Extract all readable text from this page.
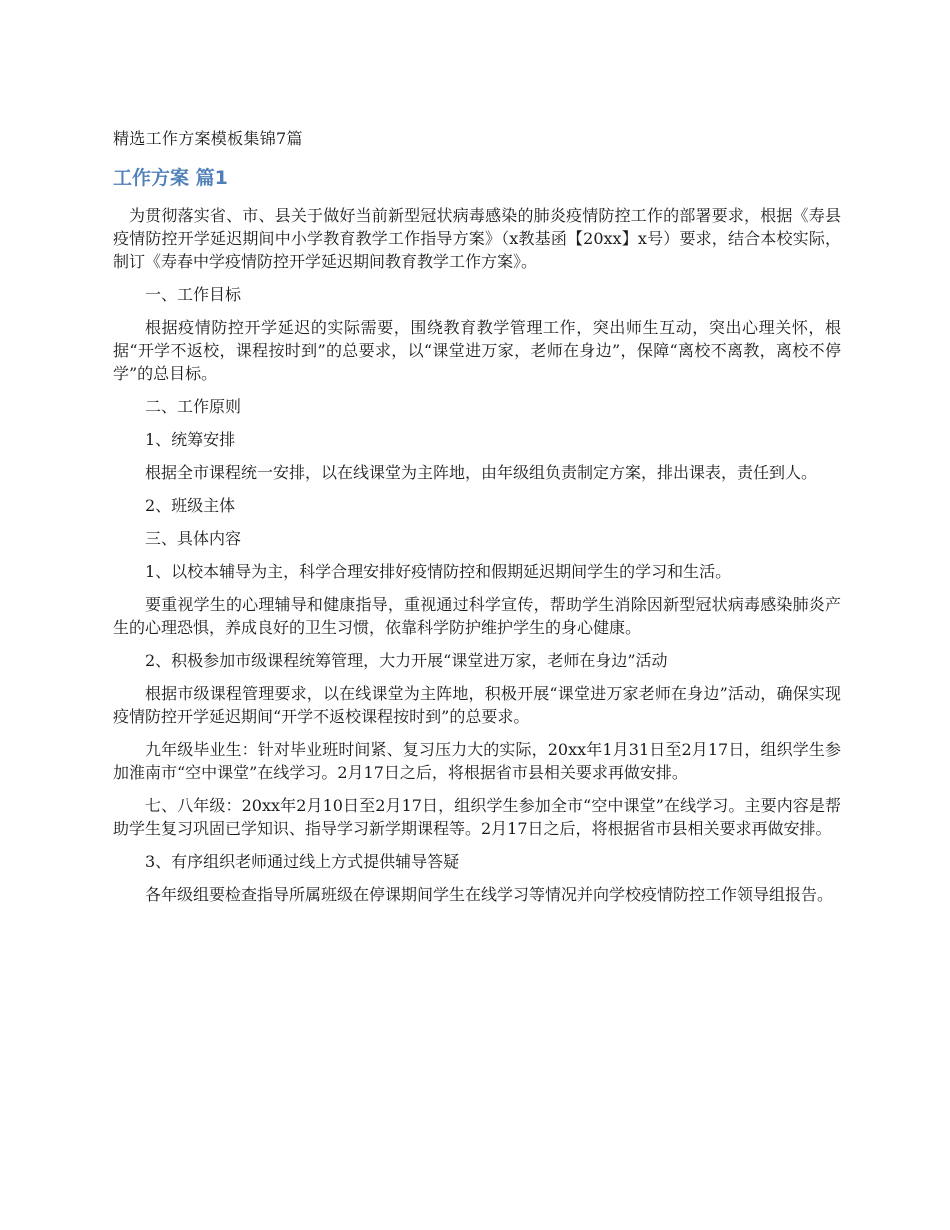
精选工作方案模板集锦7篇
工作方案 篇1

为贯彻落实省、市、县关于做好当前新型冠状病毒感染的肺炎疫情防控工作的部署要求，根据《寿县疫情防控开学延迟期间中小学教育教学工作指导方案》（x教基函【20xx】x号）要求，结合本校实际，制订《寿春中学疫情防控开学延迟期间教育教学工作方案》。

一、工作目标

根据疫情防控开学延迟的实际需要，围绕教育教学管理工作，突出师生互动，突出心理关怀，根据“开学不返校，课程按时到”的总要求，以“课堂进万家，老师在身边”，保障“离校不离教，离校不停学”的总目标。

二、工作原则

1、统筹安排

根据全市课程统一安排，以在线课堂为主阵地，由年级组负责制定方案，排出课表，责任到人。

2、班级主体

三、具体内容

1、以校本辅导为主，科学合理安排好疫情防控和假期延迟期间学生的学习和生活。

要重视学生的心理辅导和健康指导，重视通过科学宣传，帮助学生消除因新型冠状病毒感染肺炎产生的心理恐惧，养成良好的卫生习惯，依靠科学防护维护学生的身心健康。

2、积极参加市级课程统筹管理，大力开展“课堂进万家，老师在身边”活动

根据市级课程管理要求，以在线课堂为主阵地，积极开展“课堂进万家老师在身边”活动，确保实现疫情防控开学延迟期间“开学不返校课程按时到”的总要求。

九年级毕业生：针对毕业班时间紧、复习压力大的实际，20xx年1月31日至2月17日，组织学生参加淮南市“空中课堂”在线学习。2月17日之后，将根据省市县相关要求再做安排。

七、八年级：20xx年2月10日至2月17日，组织学生参加全市“空中课堂”在线学习。主要内容是帮助学生复习巩固已学知识、指导学习新学期课程等。2月17日之后，将根据省市县相关要求再做安排。

3、有序组织老师通过线上方式提供辅导答疑

各年级组要检查指导所属班级在停课期间学生在线学习等情况并向学校疫情防控工作领导组报告。
